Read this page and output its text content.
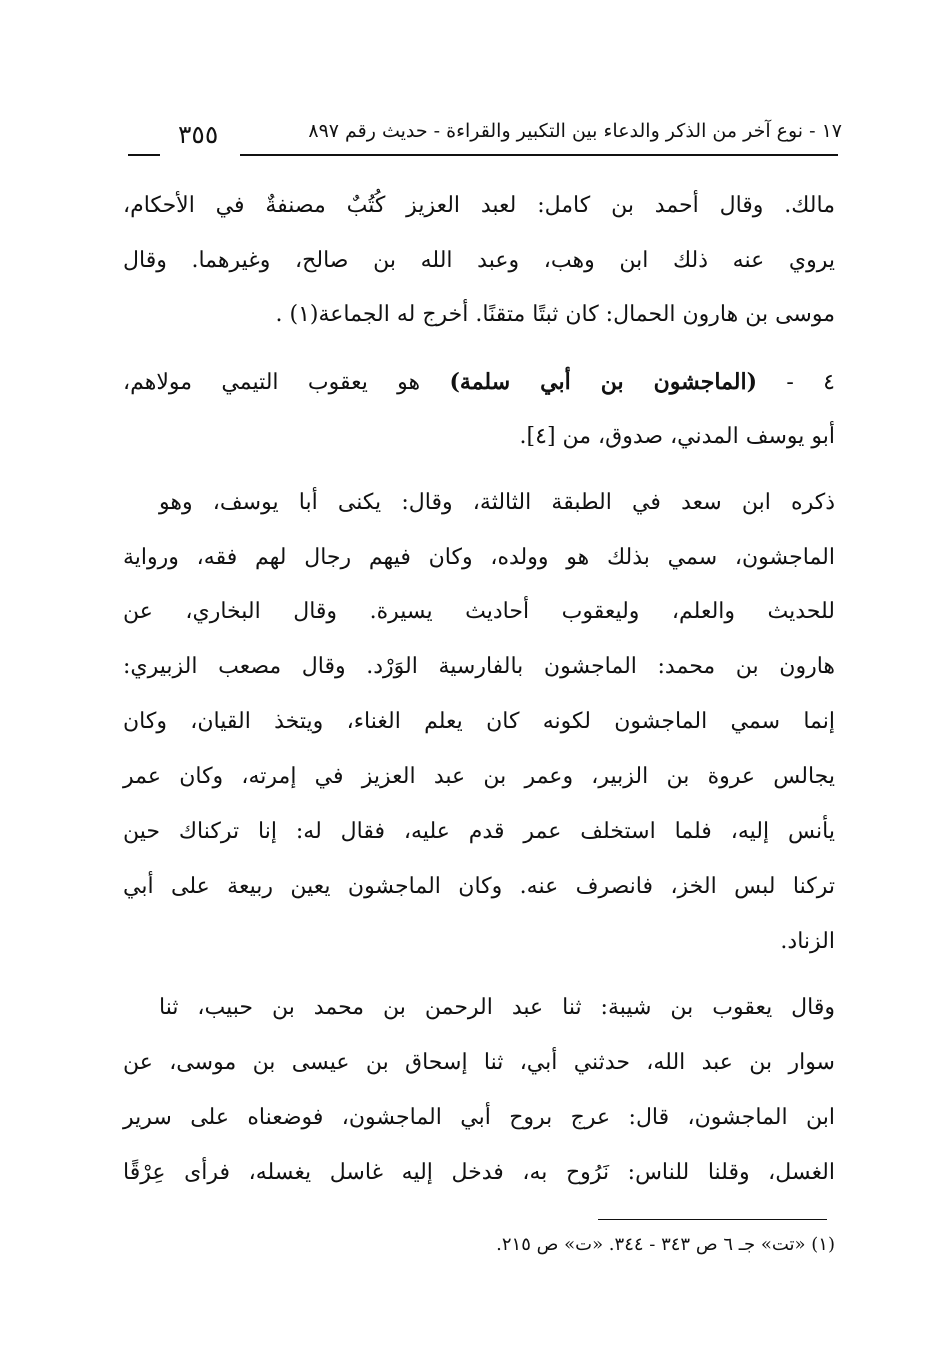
٣٥٥	١٧ - نوع آخر من الذكر والدعاء بين التكبير والقراءة - حديث رقم ٨٩٧
مالك. وقال أحمد بن كامل: لعبد العزيز كُتُبٌ مصنفةٌ في الأحكام،
يروي عنه ذلك ابن وهب، وعبد الله بن صالح، وغيرهما. وقال
موسى بن هارون الحمال: كان ثبتًا متقنًا. أخرج له الجماعة(١) .
٤ - (الماجشون بن أبي سلمة) هو يعقوب التيمي مولاهم،
أبو يوسف المدني، صدوق، من [٤].
ذكره ابن سعد في الطبقة الثالثة، وقال: يكنى أبا يوسف، وهو
الماجشون، سمي بذلك هو وولده، وكان فيهم رجال لهم فقه، ورواية
للحديث والعلم، وليعقوب أحاديث يسيرة. وقال البخاري، عن
هارون بن محمد: الماجشون بالفارسية الوَرْد. وقال مصعب الزبيري:
إنما سمي الماجشون لكونه كان يعلم الغناء، ويتخذ القيان، وكان
يجالس عروة بن الزبير، وعمر بن عبد العزيز في إمرته، وكان عمر
يأنس إليه، فلما استخلف عمر قدم عليه، فقال له: إنا تركناك حين
تركنا لبس الخز، فانصرف عنه. وكان الماجشون يعين ربيعة على أبي
الزناد.
وقال يعقوب بن شيبة: ثنا عبد الرحمن بن محمد بن حبيب، ثنا
سوار بن عبد الله، حدثني أبي، ثنا إسحاق بن عيسى بن موسى، عن
ابن الماجشون، قال: عرج بروح أبي الماجشون، فوضعناه على سرير
الغسل، وقلنا للناس: نَرُوح به، فدخل إليه غاسل يغسله، فرأى عِرْقًا
(١) «تت» جـ ٦ ص ٣٤٣ - ٣٤٤. «ت» ص ٢١٥.
